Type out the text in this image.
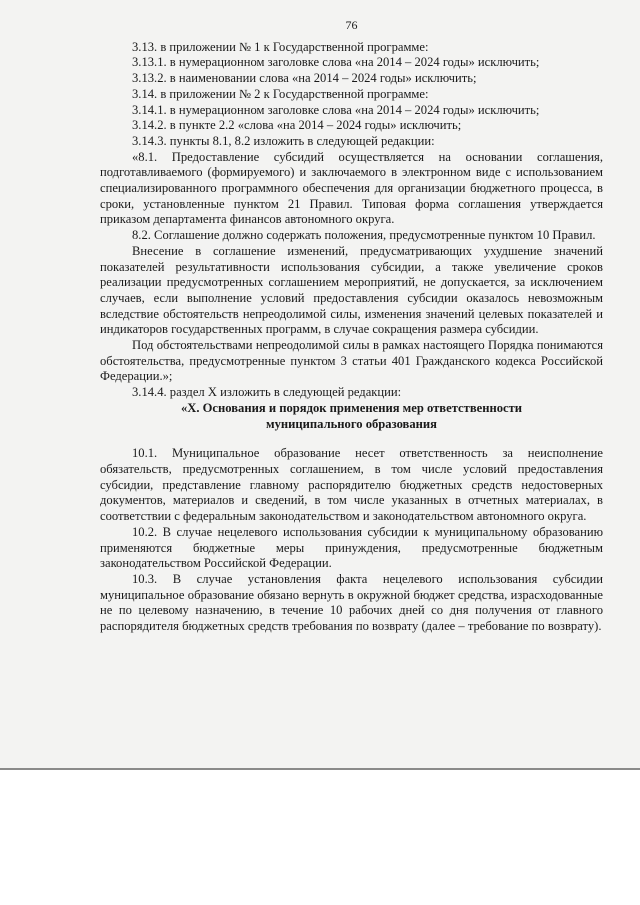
76

3.13. в приложении № 1 к Государственной программе:

3.13.1. в нумерационном заголовке слова «на 2014 – 2024 годы» исключить;

3.13.2. в наименовании слова «на 2014 – 2024 годы» исключить;

3.14. в приложении № 2 к Государственной программе:

3.14.1. в нумерационном заголовке слова «на 2014 – 2024 годы» исключить;

3.14.2. в пункте 2.2 «слова «на 2014 – 2024 годы» исключить;

3.14.3. пункты 8.1, 8.2 изложить в следующей редакции:

«8.1. Предоставление субсидий осуществляется на основании соглашения, подготавливаемого (формируемого) и заключаемого в электронном виде с использованием специализированного программного обеспечения для организации бюджетного процесса, в сроки, установленные пунктом 21 Правил. Типовая форма соглашения утверждается приказом департамента финансов автономного округа.

8.2. Соглашение должно содержать положения, предусмотренные пунктом 10 Правил.

Внесение в соглашение изменений, предусматривающих ухудшение значений показателей результативности использования субсидии, а также увеличение сроков реализации предусмотренных соглашением мероприятий, не допускается, за исключением случаев, если выполнение условий предоставления субсидии оказалось невозможным вследствие обстоятельств непреодолимой силы, изменения значений целевых показателей и индикаторов государственных программ, в случае сокращения размера субсидии.

Под обстоятельствами непреодолимой силы в рамках настоящего Порядка понимаются обстоятельства, предусмотренные пунктом 3 статьи 401 Гражданского кодекса Российской Федерации.»;

3.14.4. раздел X изложить в следующей редакции:

«X. Основания и порядок применения мер ответственности
муниципального образования

10.1. Муниципальное образование несет ответственность за неисполнение обязательств, предусмотренных соглашением, в том числе условий предоставления субсидии, представление главному распорядителю бюджетных средств недостоверных документов, материалов и сведений, в том числе указанных в отчетных материалах, в соответствии с федеральным законодательством и законодательством автономного округа.

10.2. В случае нецелевого использования субсидии к муниципальному образованию применяются бюджетные меры принуждения, предусмотренные бюджетным законодательством Российской Федерации.

10.3. В случае установления факта нецелевого использования субсидии муниципальное образование обязано вернуть в окружной бюджет средства, израсходованные не по целевому назначению, в течение 10 рабочих дней со дня получения от главного распорядителя бюджетных средств требования по возврату (далее – требование по возврату).
